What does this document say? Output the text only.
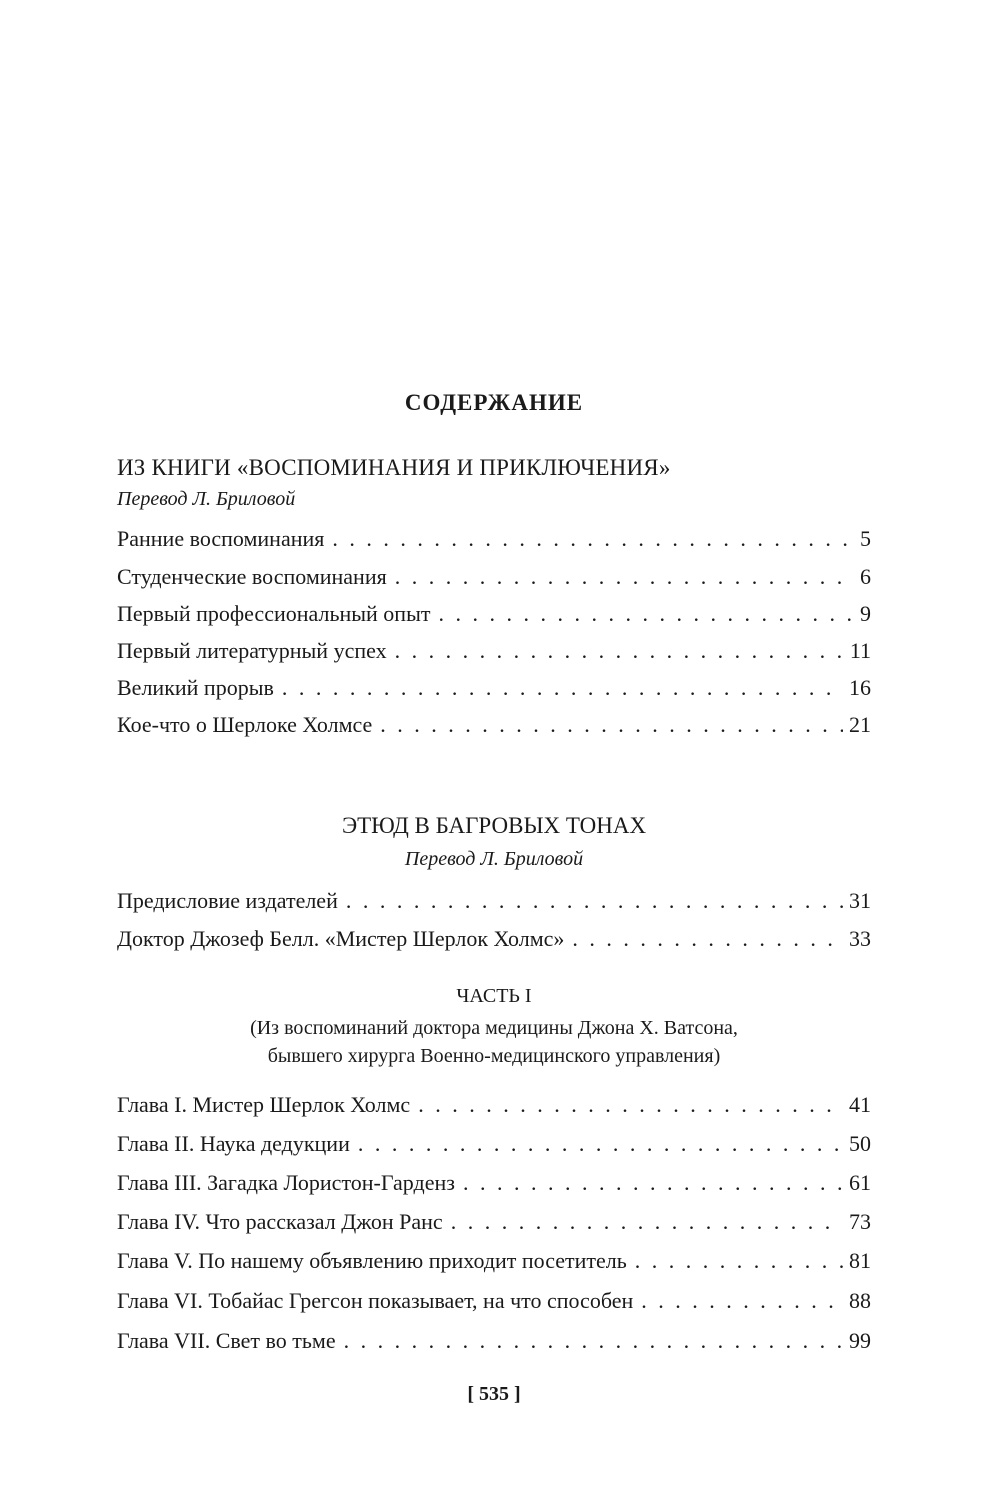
СОДЕРЖАНИЕ
ИЗ КНИГИ «ВОСПОМИНАНИЯ И ПРИКЛЮЧЕНИЯ»
Перевод Л. Бриловой
Ранние воспоминания . . .	5
Студенческие воспоминания . . .	6
Первый профессиональный опыт . . .	9
Первый литературный успех . . .	11
Великий прорыв . . .	16
Кое-что о Шерлоке Холмсе . . .	21
ЭТЮД В БАГРОВЫХ ТОНАХ
Перевод Л. Бриловой
Предисловие издателей . . .	31
Доктор Джозеф Белл. «Мистер Шерлок Холмс» . . .	33
ЧАСТЬ I
(Из воспоминаний доктора медицины Джона Х. Ватсона,
бывшего хирурга Военно-медицинского управления)
Глава I. Мистер Шерлок Холмс . . .	41
Глава II. Наука дедукции . . .	50
Глава III. Загадка Лористон-Гарденз . . .	61
Глава IV. Что рассказал Джон Ранс . . .	73
Глава V. По нашему объявлению приходит посетитель . . .	81
Глава VI. Тобайас Грегсон показывает, на что способен . . .	88
Глава VII. Свет во тьме . . .	99
[ 535 ]
